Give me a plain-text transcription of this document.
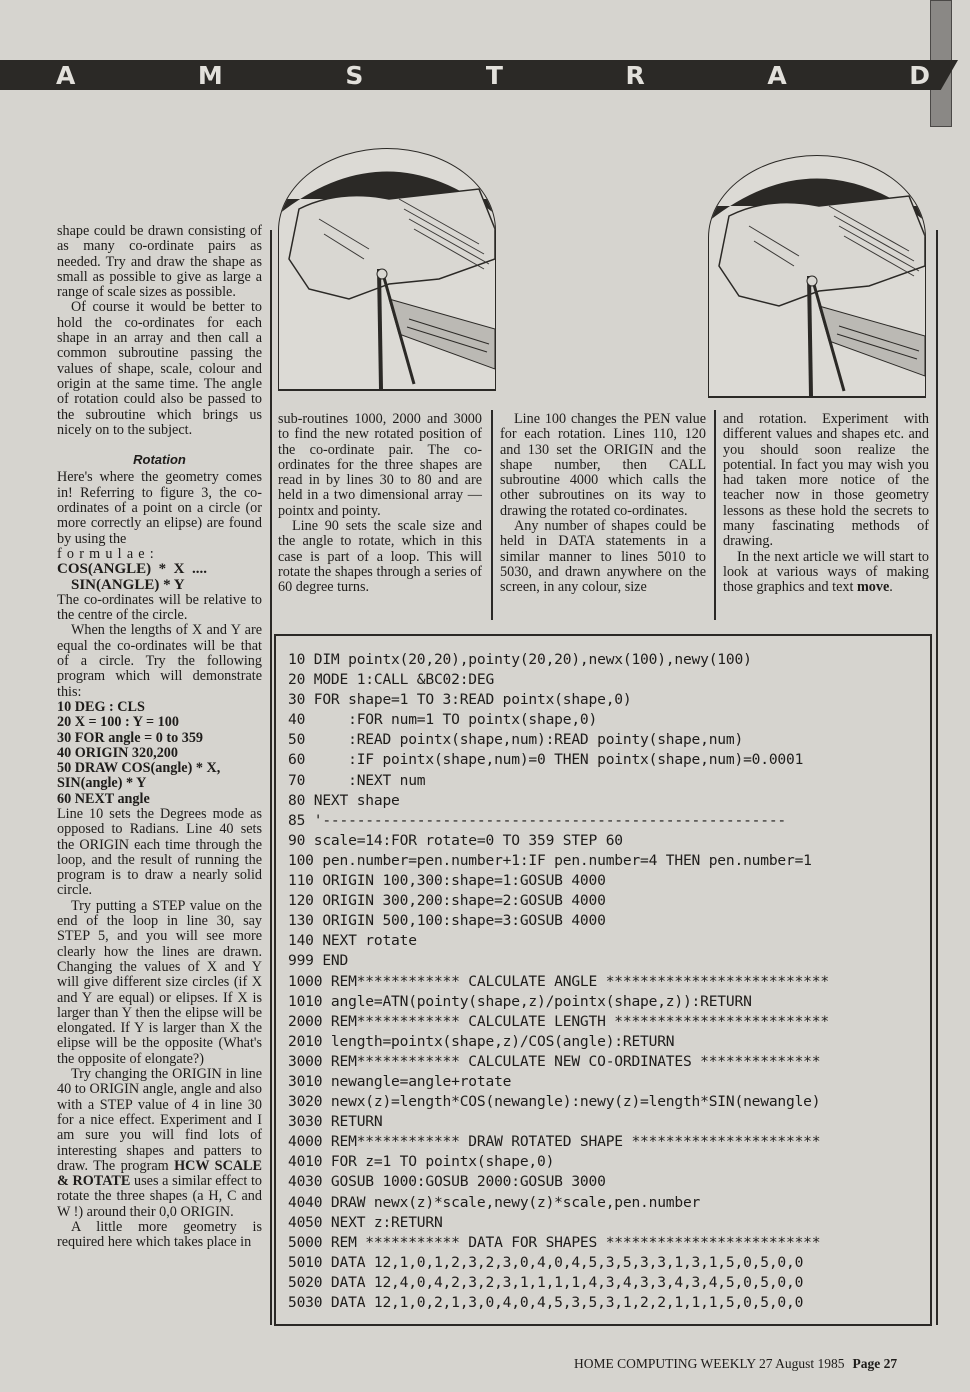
A	M	S	T	R	A	D

shape could be drawn consisting of as many co-ordinate pairs as needed. Try and draw the shape as small as possible to give as large a range of scale sizes as possible.

Of course it would be better to hold the co-ordinates for each shape in an array and then call a common subroutine passing the values of shape, scale, colour and origin at the same time. The angle of rotation could also be passed to the subroutine which brings us nicely on to the subject.

Rotation

Here's where the geometry comes in! Referring to figure 3, the co-ordinates of a point on a circle (or more correctly an elipse) are found by using the

formulae:

COS(ANGLE)  *  X  ....

SIN(ANGLE) * Y

The co-ordinates will be relative to the centre of the circle.

When the lengths of X and Y are equal the co-ordinates will be that of a circle. Try the following program which will demonstrate this:

10 DEG : CLS

20 X = 100 : Y = 100

30 FOR angle = 0 to 359

40 ORIGIN 320,200

50 DRAW COS(angle) * X, SIN(angle) * Y

60 NEXT angle

Line 10 sets the Degrees mode as opposed to Radians. Line 40 sets the ORIGIN each time through the loop, and the result of running the program is to draw a nearly solid circle.

Try putting a STEP value on the end of the loop in line 30, say STEP 5, and you will see more clearly how the lines are drawn. Changing the values of X and Y will give different size circles (if X and Y are equal) or elipses. If X is larger than Y then the elipse will be elongated. If Y is larger than X the elipse will be the opposite (What's the opposite of elongate?)

Try changing the ORIGIN in line 40 to ORIGIN angle, angle and also with a STEP value of 4 in line 30 for a nice effect. Experiment and I am sure you will find lots of interesting shapes and patters to draw. The program HCW SCALE & ROTATE uses a similar effect to rotate the three shapes (a H, C and W !) around their 0,0 ORIGIN.

A little more geometry is required here which takes place in

sub-routines 1000, 2000 and 3000 to find the new rotated position of the co-ordinate pair. The co-ordinates for the three shapes are read in by lines 30 to 80 and are held in a two dimensional array — pointx and pointy.

Line 90 sets the scale size and the angle to rotate, which in this case is part of a loop. This will rotate the shapes through a series of 60 degree turns.

Line 100 changes the PEN value for each rotation. Lines 110, 120 and 130 set the ORIGIN and the shape number, then CALL subroutine 4000 which calls the other subroutines on its way to drawing the rotated co-ordinates.

Any number of shapes could be held in DATA statements in a similar manner to lines 5010 to 5030, and drawn anywhere on the screen, in any colour, size

and rotation. Experiment with different values and shapes etc. and you should soon realize the potential. In fact you may wish you had taken more notice of the teacher now in those geometry lessons as these hold the secrets to many fascinating methods of drawing.

In the next article we will start to look at various ways of making those graphics and text move.

10 DIM pointx(20,20),pointy(20,20),newx(100),newy(100)
20 MODE 1:CALL &BC02:DEG
30 FOR shape=1 TO 3:READ pointx(shape,0)
40     :FOR num=1 TO pointx(shape,0)
50     :READ pointx(shape,num):READ pointy(shape,num)
60     :IF pointx(shape,num)=0 THEN pointx(shape,num)=0.0001
70     :NEXT num
80 NEXT shape
85 '------------------------------------------------------
90 scale=14:FOR rotate=0 TO 359 STEP 60
100 pen.number=pen.number+1:IF pen.number=4 THEN pen.number=1
110 ORIGIN 100,300:shape=1:GOSUB 4000
120 ORIGIN 300,200:shape=2:GOSUB 4000
130 ORIGIN 500,100:shape=3:GOSUB 4000
140 NEXT rotate
999 END
1000 REM************ CALCULATE ANGLE **************************
1010 angle=ATN(pointy(shape,z)/pointx(shape,z)):RETURN
2000 REM************ CALCULATE LENGTH *************************
2010 length=pointx(shape,z)/COS(angle):RETURN
3000 REM************ CALCULATE NEW CO-ORDINATES **************
3010 newangle=angle+rotate
3020 newx(z)=length*COS(newangle):newy(z)=length*SIN(newangle)
3030 RETURN
4000 REM************ DRAW ROTATED SHAPE **********************
4010 FOR z=1 TO pointx(shape,0)
4030 GOSUB 1000:GOSUB 2000:GOSUB 3000
4040 DRAW newx(z)*scale,newy(z)*scale,pen.number
4050 NEXT z:RETURN
5000 REM *********** DATA FOR SHAPES *************************
5010 DATA 12,1,0,1,2,3,2,3,0,4,0,4,5,3,5,3,3,1,3,1,5,0,5,0,0
5020 DATA 12,4,0,4,2,3,2,3,1,1,1,1,4,3,4,3,3,4,3,4,5,0,5,0,0
5030 DATA 12,1,0,2,1,3,0,4,0,4,5,3,5,3,1,2,2,1,1,1,5,0,5,0,0
HOME COMPUTING WEEKLY 27 August 1985 Page 27
